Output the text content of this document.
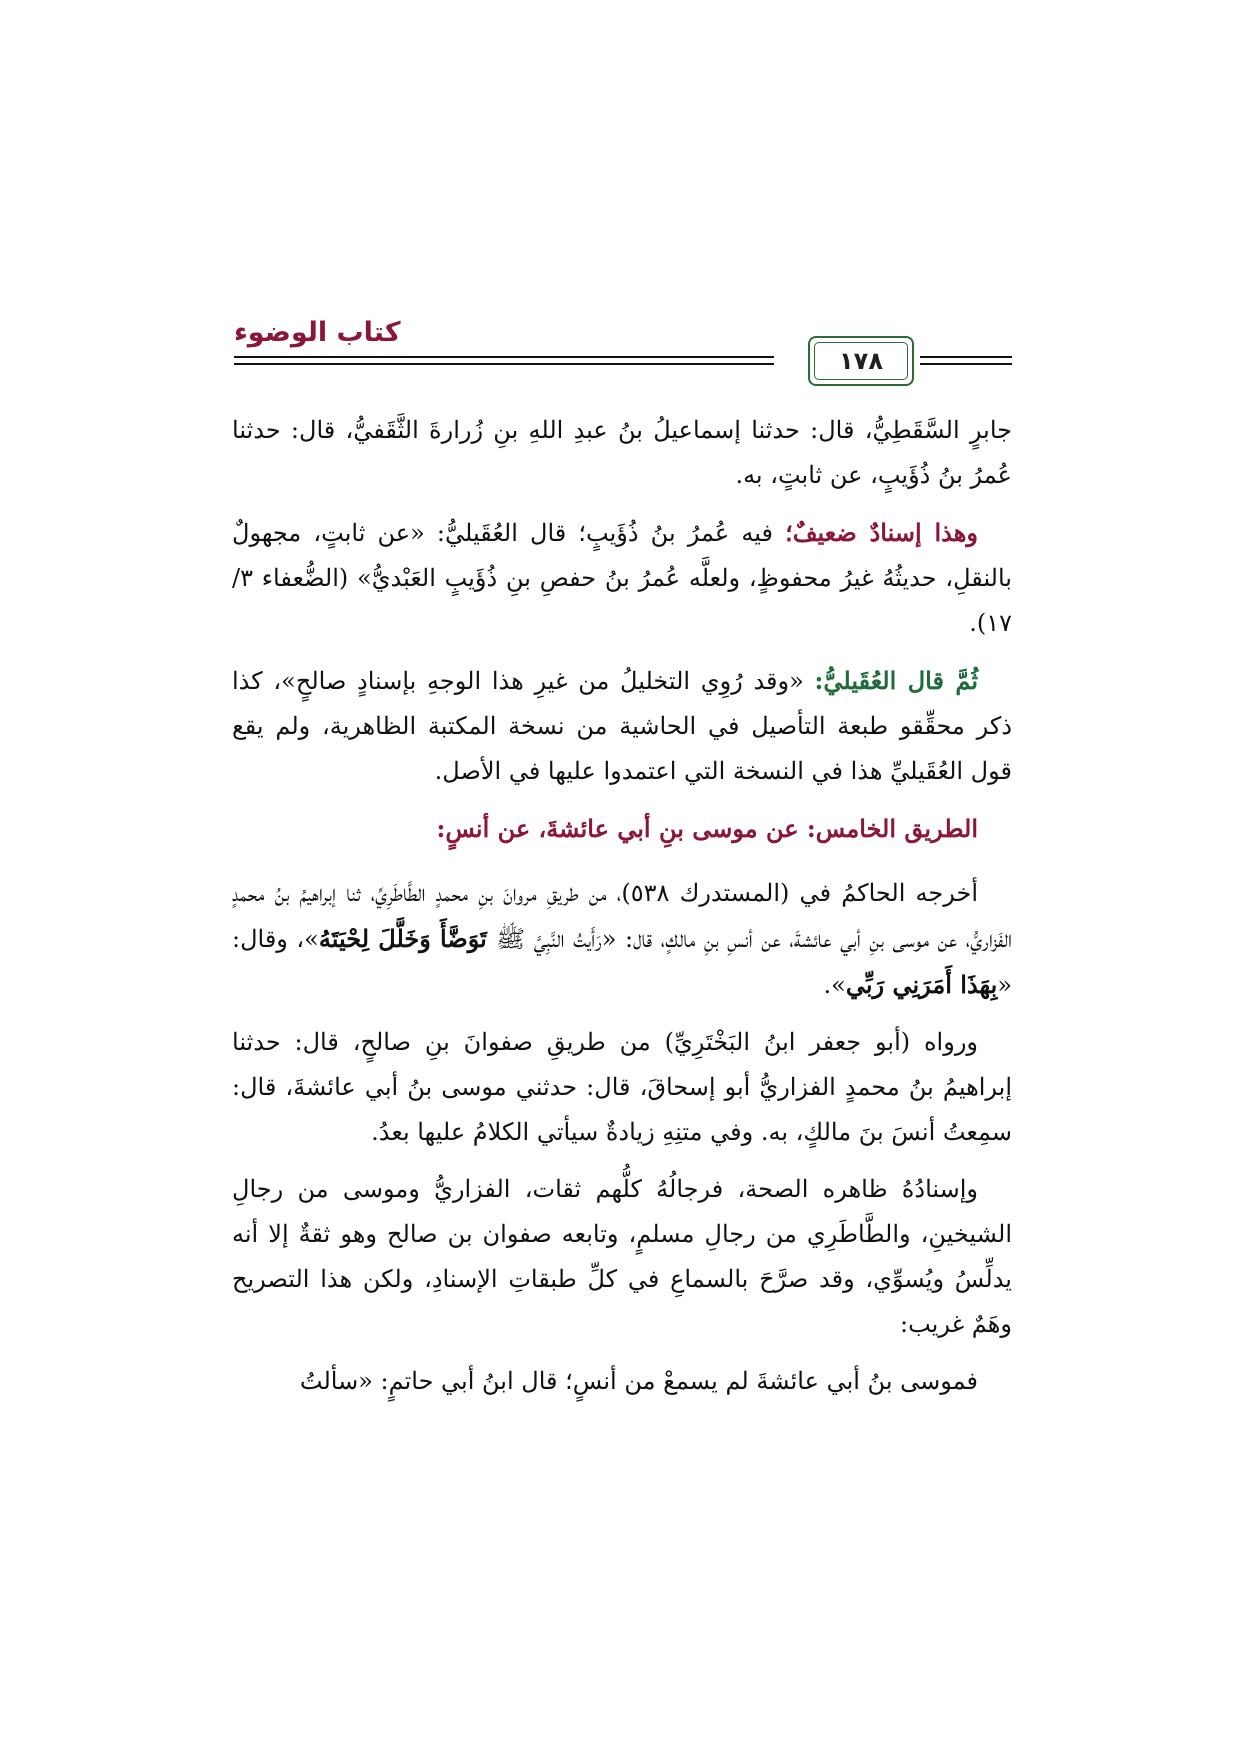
كتاب الوضوء
١٧٨

جابرٍ السَّقَطِيُّ، قال: حدثنا إسماعيلُ بنُ عبدِ اللهِ بنِ زُرارةَ الثَّقَفيُّ، قال: حدثنا عُمرُ بنُ ذُؤَيبٍ، عن ثابتٍ، به.

وهذا إسنادٌ ضعيفٌ؛ فيه عُمرُ بنُ ذُؤَيبٍ؛ قال العُقَيليُّ: «عن ثابتٍ، مجهولٌ بالنقلِ، حديثُهُ غيرُ محفوظٍ، ولعلَّه عُمرُ بنُ حفصِ بنِ ذُؤَيبٍ العَبْديُّ» (الضُّعفاء ٣/ ١٧).

ثُمَّ قال العُقَيليُّ: «وقد رُوِي التخليلُ من غيرِ هذا الوجهِ بإسنادٍ صالحٍ»، كذا ذكر محقِّقو طبعة التأصيل في الحاشية من نسخة المكتبة الظاهرية، ولم يقع قول العُقَيليِّ هذا في النسخة التي اعتمدوا عليها في الأصل.

الطريق الخامس: عن موسى بنِ أبي عائشةَ، عن أنسٍ:

أخرجه الحاكمُ في (المستدرك ٥٣٨)، من طريقِ مروانَ بنِ محمدٍ الطَّاطَرِيِّ، ثنا إبراهيمُ بنُ محمدٍ الفَزاريُّ، عن موسى بنِ أبي عائشةَ، عن أنسِ بنِ مالكٍ، قال: «رَأَيتُ النَّبِيَّ ﷺ تَوَضَّأَ وَخَلَّلَ لِحْيَتَهُ»، وقال: «بِهَذَا أَمَرَنِي رَبِّي».

ورواه (أبو جعفر ابنُ البَخْتَرِيِّ) من طريقِ صفوانَ بنِ صالحٍ، قال: حدثنا إبراهيمُ بنُ محمدٍ الفزاريُّ أبو إسحاقَ، قال: حدثني موسى بنُ أبي عائشةَ، قال: سمِعتُ أنسَ بنَ مالكٍ، به. وفي متنِهِ زيادةٌ سيأتي الكلامُ عليها بعدُ.

وإسنادُهُ ظاهره الصحة، فرجالُهُ كلُّهم ثقات، الفزاريُّ وموسى من رجالِ الشيخينِ، والطَّاطَرِي من رجالِ مسلمٍ، وتابعه صفوان بن صالح وهو ثقةٌ إلا أنه يدلِّسُ ويُسوِّي، وقد صرَّحَ بالسماعِ في كلِّ طبقاتِ الإسنادِ، ولكن هذا التصريح وهَمٌ غريب:

فموسى بنُ أبي عائشةَ لم يسمعْ من أنسٍ؛ قال ابنُ أبي حاتمٍ: «سألتُ
